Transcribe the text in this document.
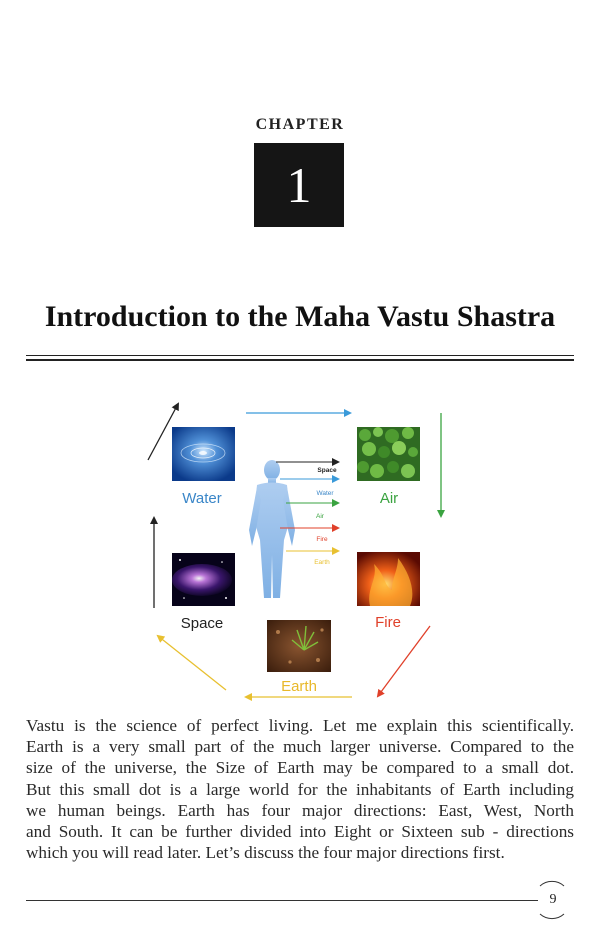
CHAPTER
1
Introduction to the Maha Vastu Shastra
Water	Air
Space	Fire
Earth
Space
Water
Air
Fire
Earth
Vastu is the science of perfect living. Let me explain this scientifically.
Earth is a very small part of the much larger universe. Compared to the
size of the universe, the Size of Earth may be compared to a small dot.
But this small dot is a large world for the inhabitants of Earth including
we human beings. Earth has four major directions: East, West, North
and South. It can be further divided into Eight or Sixteen sub - directions
which you will read later. Let’s discuss the four major directions first.
9
